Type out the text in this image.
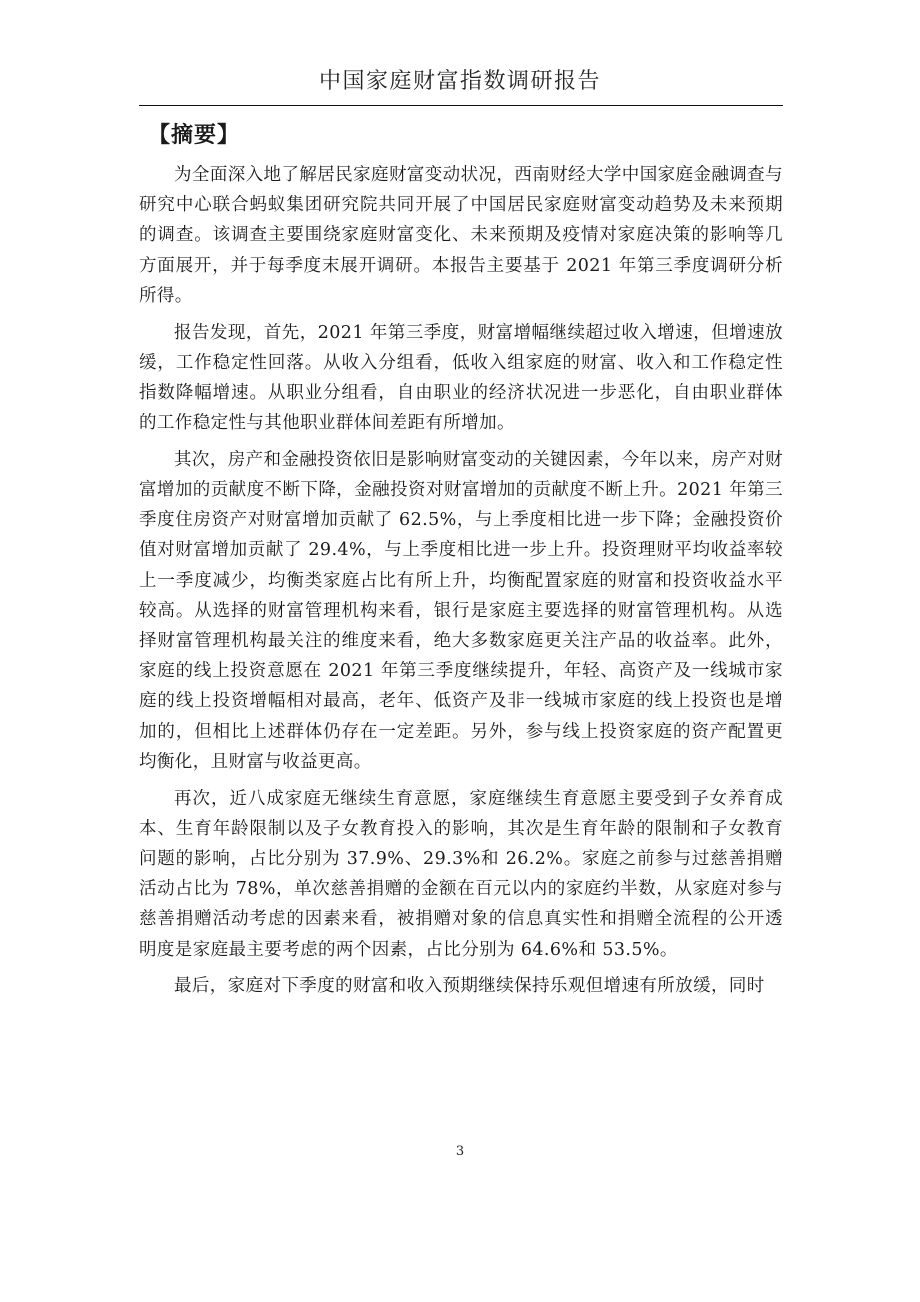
中国家庭财富指数调研报告
【摘要】

为全面深入地了解居民家庭财富变动状况，西南财经大学中国家庭金融调查与研究中心联合蚂蚁集团研究院共同开展了中国居民家庭财富变动趋势及未来预期的调查。该调查主要围绕家庭财富变化、未来预期及疫情对家庭决策的影响等几方面展开，并于每季度末展开调研。本报告主要基于 2021 年第三季度调研分析所得。

报告发现，首先，2021 年第三季度，财富增幅继续超过收入增速，但增速放缓，工作稳定性回落。从收入分组看，低收入组家庭的财富、收入和工作稳定性指数降幅增速。从职业分组看，自由职业的经济状况进一步恶化，自由职业群体的工作稳定性与其他职业群体间差距有所增加。

其次，房产和金融投资依旧是影响财富变动的关键因素，今年以来，房产对财富增加的贡献度不断下降，金融投资对财富增加的贡献度不断上升。2021 年第三季度住房资产对财富增加贡献了 62.5%，与上季度相比进一步下降；金融投资价值对财富增加贡献了 29.4%，与上季度相比进一步上升。投资理财平均收益率较上一季度减少，均衡类家庭占比有所上升，均衡配置家庭的财富和投资收益水平较高。从选择的财富管理机构来看，银行是家庭主要选择的财富管理机构。从选择财富管理机构最关注的维度来看，绝大多数家庭更关注产品的收益率。此外，家庭的线上投资意愿在 2021 年第三季度继续提升，年轻、高资产及一线城市家庭的线上投资增幅相对最高，老年、低资产及非一线城市家庭的线上投资也是增加的，但相比上述群体仍存在一定差距。另外，参与线上投资家庭的资产配置更均衡化，且财富与收益更高。

再次，近八成家庭无继续生育意愿，家庭继续生育意愿主要受到子女养育成本、生育年龄限制以及子女教育投入的影响，其次是生育年龄的限制和子女教育问题的影响，占比分别为 37.9%、29.3%和 26.2%。家庭之前参与过慈善捐赠活动占比为 78%，单次慈善捐赠的金额在百元以内的家庭约半数，从家庭对参与慈善捐赠活动考虑的因素来看，被捐赠对象的信息真实性和捐赠全流程的公开透明度是家庭最主要考虑的两个因素，占比分别为 64.6%和 53.5%。

最后，家庭对下季度的财富和收入预期继续保持乐观但增速有所放缓，同时

3
